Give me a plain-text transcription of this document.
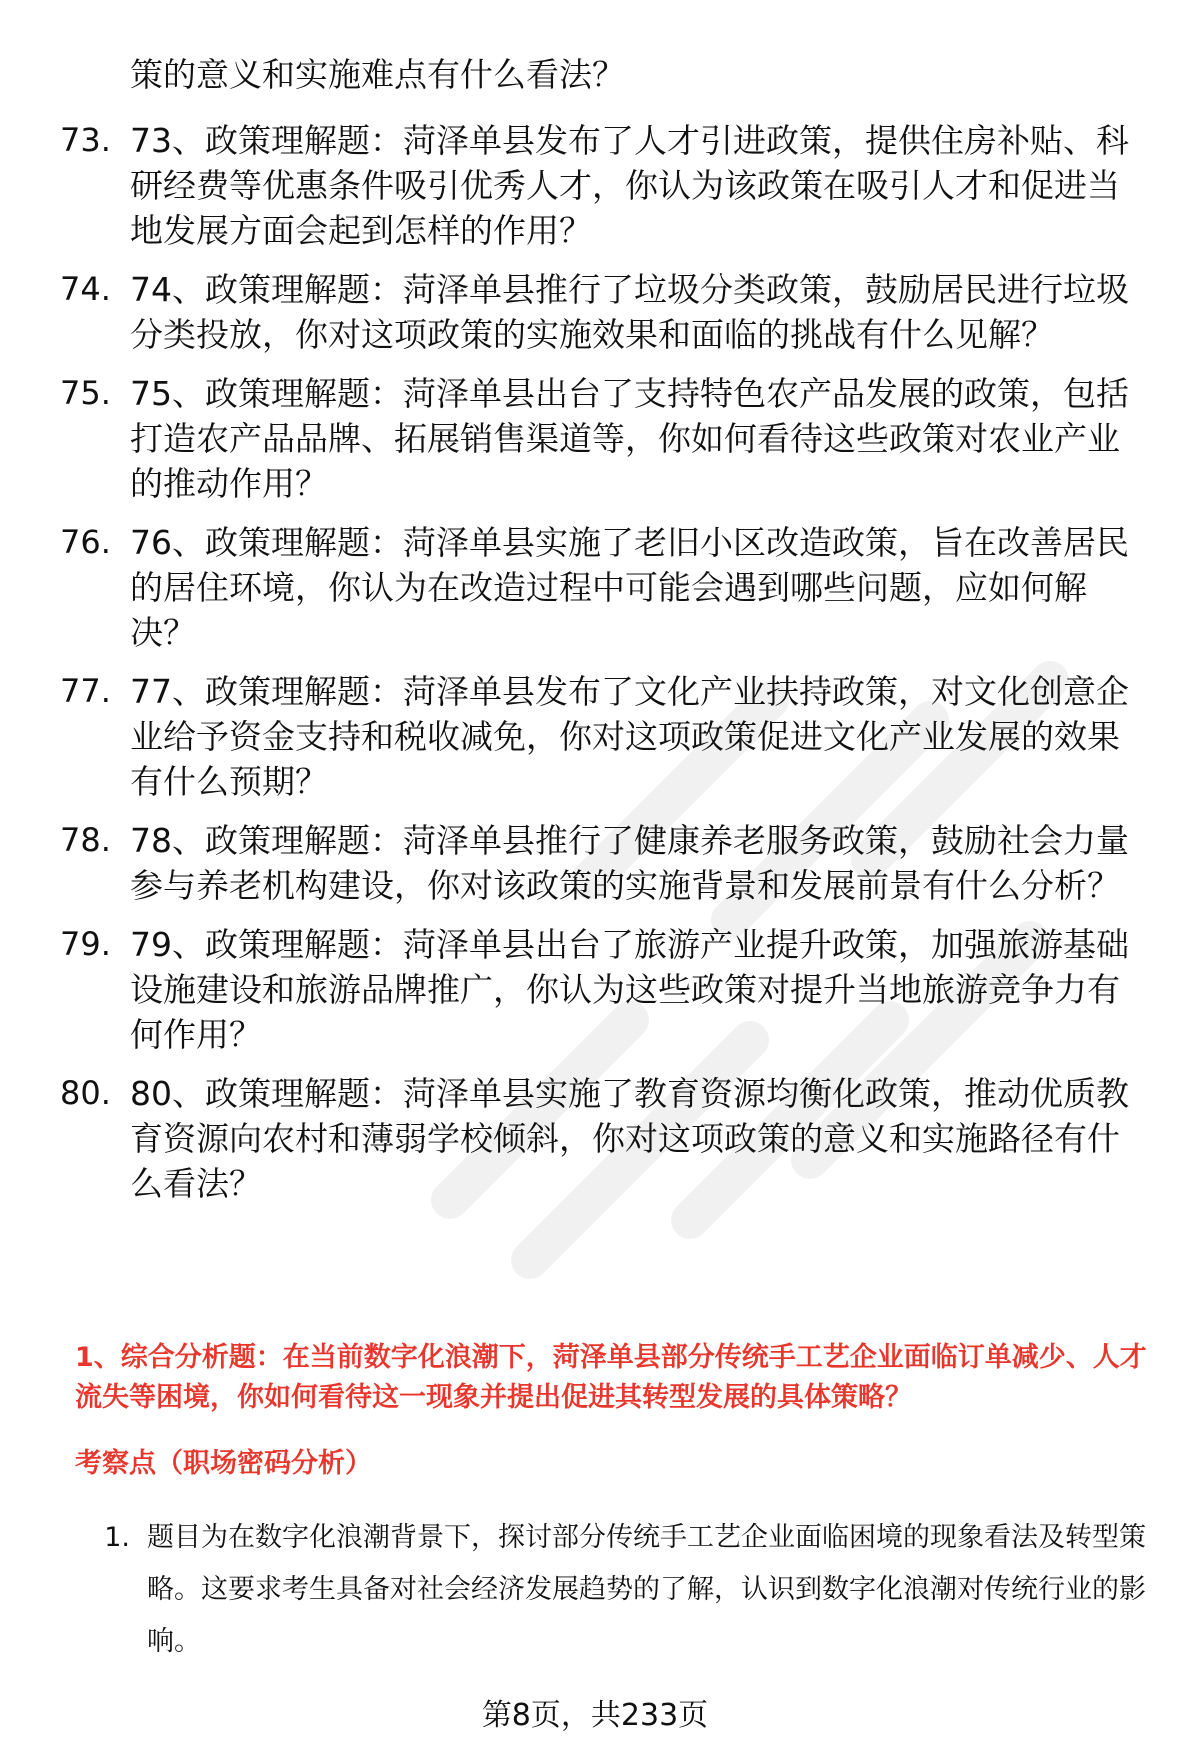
策的意义和实施难点有什么看法？

73. 73、政策理解题：菏泽单县发布了人才引进政策，提供住房补贴、科研经费等优惠条件吸引优秀人才，你认为该政策在吸引人才和促进当地发展方面会起到怎样的作用？
74. 74、政策理解题：菏泽单县推行了垃圾分类政策，鼓励居民进行垃圾分类投放，你对这项政策的实施效果和面临的挑战有什么见解？
75. 75、政策理解题：菏泽单县出台了支持特色农产品发展的政策，包括打造农产品品牌、拓展销售渠道等，你如何看待这些政策对农业产业的推动作用？
76. 76、政策理解题：菏泽单县实施了老旧小区改造政策，旨在改善居民的居住环境，你认为在改造过程中可能会遇到哪些问题，应如何解决？
77. 77、政策理解题：菏泽单县发布了文化产业扶持政策，对文化创意企业给予资金支持和税收减免，你对这项政策促进文化产业发展的效果有什么预期？
78. 78、政策理解题：菏泽单县推行了健康养老服务政策，鼓励社会力量参与养老机构建设，你对该政策的实施背景和发展前景有什么分析？
79. 79、政策理解题：菏泽单县出台了旅游产业提升政策，加强旅游基础设施建设和旅游品牌推广，你认为这些政策对提升当地旅游竞争力有何作用？
80. 80、政策理解题：菏泽单县实施了教育资源均衡化政策，推动优质教育资源向农村和薄弱学校倾斜，你对这项政策的意义和实施路径有什么看法？

1、综合分析题：在当前数字化浪潮下，菏泽单县部分传统手工艺企业面临订单减少、人才流失等困境，你如何看待这一现象并提出促进其转型发展的具体策略？

考察点（职场密码分析）

1. 题目为在数字化浪潮背景下，探讨部分传统手工艺企业面临困境的现象看法及转型策略。这要求考生具备对社会经济发展趋势的了解，认识到数字化浪潮对传统行业的影响。
第8页，共233页
